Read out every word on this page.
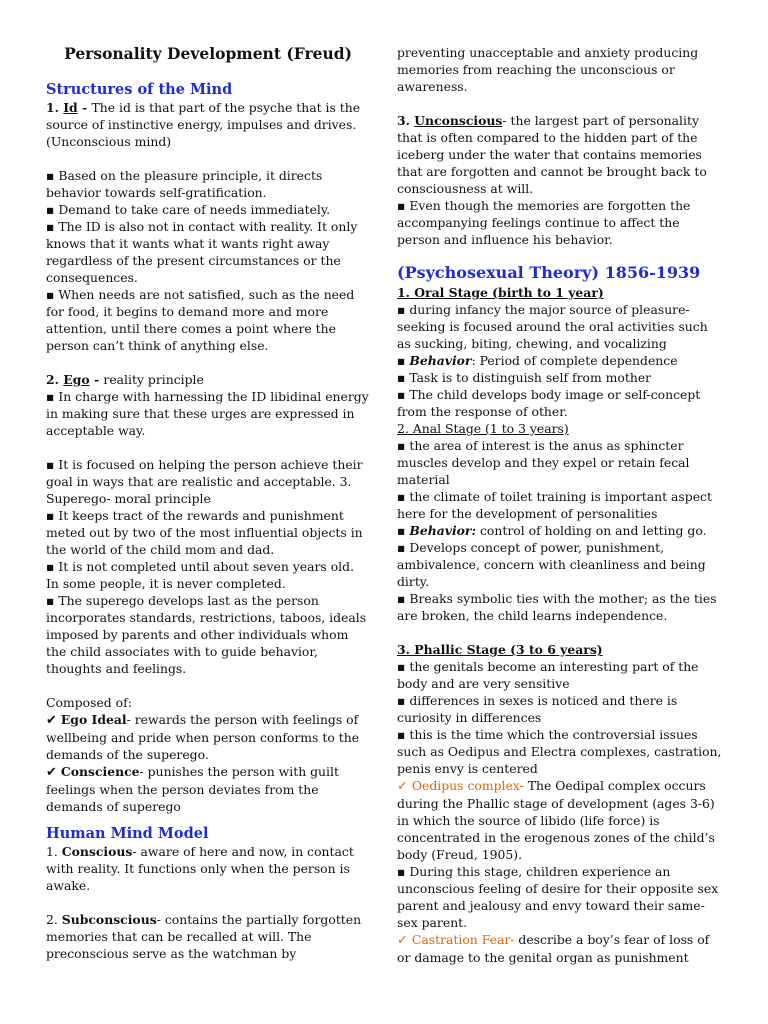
Personality Development (Freud)

Structures of the Mind

1. Id - The id is that part of the psyche that is the source of instinctive energy, impulses and drives. (Unconscious mind)

▪ Based on the pleasure principle, it directs behavior towards self-gratification.

▪ Demand to take care of needs immediately.

▪ The ID is also not in contact with reality. It only knows that it wants what it wants right away regardless of the present circumstances or the consequences.

▪ When needs are not satisfied, such as the need for food, it begins to demand more and more attention, until there comes a point where the person can’t think of anything else.

2. Ego - reality principle

▪ In charge with harnessing the ID libidinal energy in making sure that these urges are expressed in acceptable way.

▪ It is focused on helping the person achieve their goal in ways that are realistic and acceptable. 3. Superego- moral principle

▪ It keeps tract of the rewards and punishment meted out by two of the most influential objects in the world of the child mom and dad.

▪ It is not completed until about seven years old. In some people, it is never completed.

▪ The superego develops last as the person incorporates standards, restrictions, taboos, ideals imposed by parents and other individuals whom the child associates with to guide behavior, thoughts and feelings.

Composed of:

✔ Ego Ideal- rewards the person with feelings of wellbeing and pride when person conforms to the demands of the superego.

✔ Conscience- punishes the person with guilt feelings when the person deviates from the demands of superego

Human Mind Model

1. Conscious- aware of here and now, in contact with reality. It functions only when the person is awake.

2. Subconscious- contains the partially forgotten memories that can be recalled at will. The preconscious serve as the watchman by

preventing unacceptable and anxiety producing memories from reaching the unconscious or awareness.

3. Unconscious- the largest part of personality that is often compared to the hidden part of the iceberg under the water that contains memories that are forgotten and cannot be brought back to consciousness at will.

▪ Even though the memories are forgotten the accompanying feelings continue to affect the person and influence his behavior.

(Psychosexual Theory) 1856-1939

1. Oral Stage (birth to 1 year)

▪ during infancy the major source of pleasure-seeking is focused around the oral activities such as sucking, biting, chewing, and vocalizing

▪ Behavior: Period of complete dependence

▪ Task is to distinguish self from mother

▪ The child develops body image or self-concept from the response of other.

2. Anal Stage (1 to 3 years)

▪ the area of interest is the anus as sphincter muscles develop and they expel or retain fecal material

▪ the climate of toilet training is important aspect here for the development of personalities

▪ Behavior: control of holding on and letting go.

▪ Develops concept of power, punishment, ambivalence, concern with cleanliness and being dirty.

▪ Breaks symbolic ties with the mother; as the ties are broken, the child learns independence.

3. Phallic Stage (3 to 6 years)

▪ the genitals become an interesting part of the body and are very sensitive

▪ differences in sexes is noticed and there is curiosity in differences

▪ this is the time which the controversial issues such as Oedipus and Electra complexes, castration, penis envy is centered

✓ Oedipus complex- The Oedipal complex occurs during the Phallic stage of development (ages 3-6) in which the source of libido (life force) is concentrated in the erogenous zones of the child’s body (Freud, 1905).

▪ During this stage, children experience an unconscious feeling of desire for their opposite sex parent and jealousy and envy toward their same-sex parent.

✓ Castration Fear- describe a boy’s fear of loss of or damage to the genital organ as punishment
